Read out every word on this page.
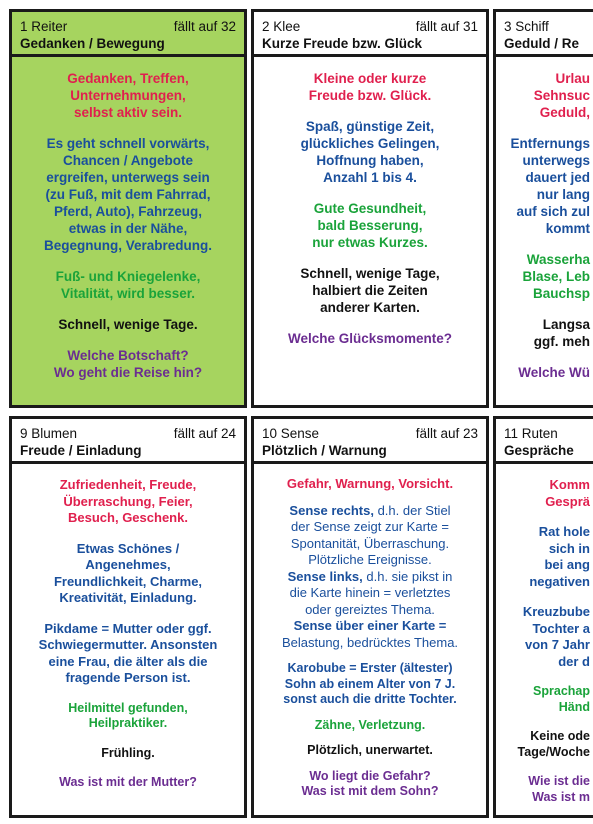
1 Reiter	fällt auf 32
Gedanken / Bewegung

Gedanken, Treffen,
Unternehmungen,
selbst aktiv sein.

Es geht schnell vorwärts,
Chancen / Angebote
ergreifen, unterwegs sein
(zu Fuß, mit dem Fahrrad,
Pferd, Auto), Fahrzeug,
etwas in der Nähe,
Begegnung, Verabredung.

Fuß- und Kniegelenke,
Vitalität, wird besser.

Schnell, wenige Tage.

Welche Botschaft?
Wo geht die Reise hin?

2 Klee	fällt auf 31
Kurze Freude bzw. Glück

Kleine oder kurze
Freude bzw. Glück.

Spaß, günstige Zeit,
glückliches Gelingen,
Hoffnung haben,
Anzahl 1 bis 4.

Gute Gesundheit,
bald Besserung,
nur etwas Kurzes.

Schnell, wenige Tage,
halbiert die Zeiten
anderer Karten.

Welche Glücksmomente?

3 Schiff
Geduld / Re

Urlau
Sehnsuc
Geduld,

Entfernungs
unterwegs
dauert jed
nur lang
auf sich zul
kommt

Wasserha
Blase, Leb
Bauchsp

Langsa
ggf. meh

Welche Wü

9 Blumen	fällt auf 24
Freude / Einladung

Zufriedenheit, Freude,
Überraschung, Feier,
Besuch, Geschenk.

Etwas Schönes /
Angenehmes,
Freundlichkeit, Charme,
Kreativität, Einladung.

Pikdame = Mutter oder ggf.
Schwiegermutter. Ansonsten
eine Frau, die älter als die
fragende Person ist.

Heilmittel gefunden,
Heilpraktiker.

Frühling.

Was ist mit der Mutter?

10 Sense	fällt auf 23
Plötzlich / Warnung

Gefahr, Warnung, Vorsicht.

Sense rechts, d.h. der Stiel
der Sense zeigt zur Karte =
Spontanität, Überraschung.
Plötzliche Ereignisse.
Sense links, d.h. sie pikst in
die Karte hinein = verletztes
oder gereiztes Thema.
Sense über einer Karte =
Belastung, bedrücktes Thema.

Karobube = Erster (ältester)
Sohn ab einem Alter von 7 J.
sonst auch die dritte Tochter.

Zähne, Verletzung.

Plötzlich, unerwartet.

Wo liegt die Gefahr?
Was ist mit dem Sohn?

11 Ruten
Gespräche

Komm
Gesprä

Rat hole
sich in
bei ang
negativen

Kreuzbube
Tochter a
von 7 Jahr
der d

Sprachap
Händ

Keine ode
Tage/Woche

Wie ist die
Was ist m
